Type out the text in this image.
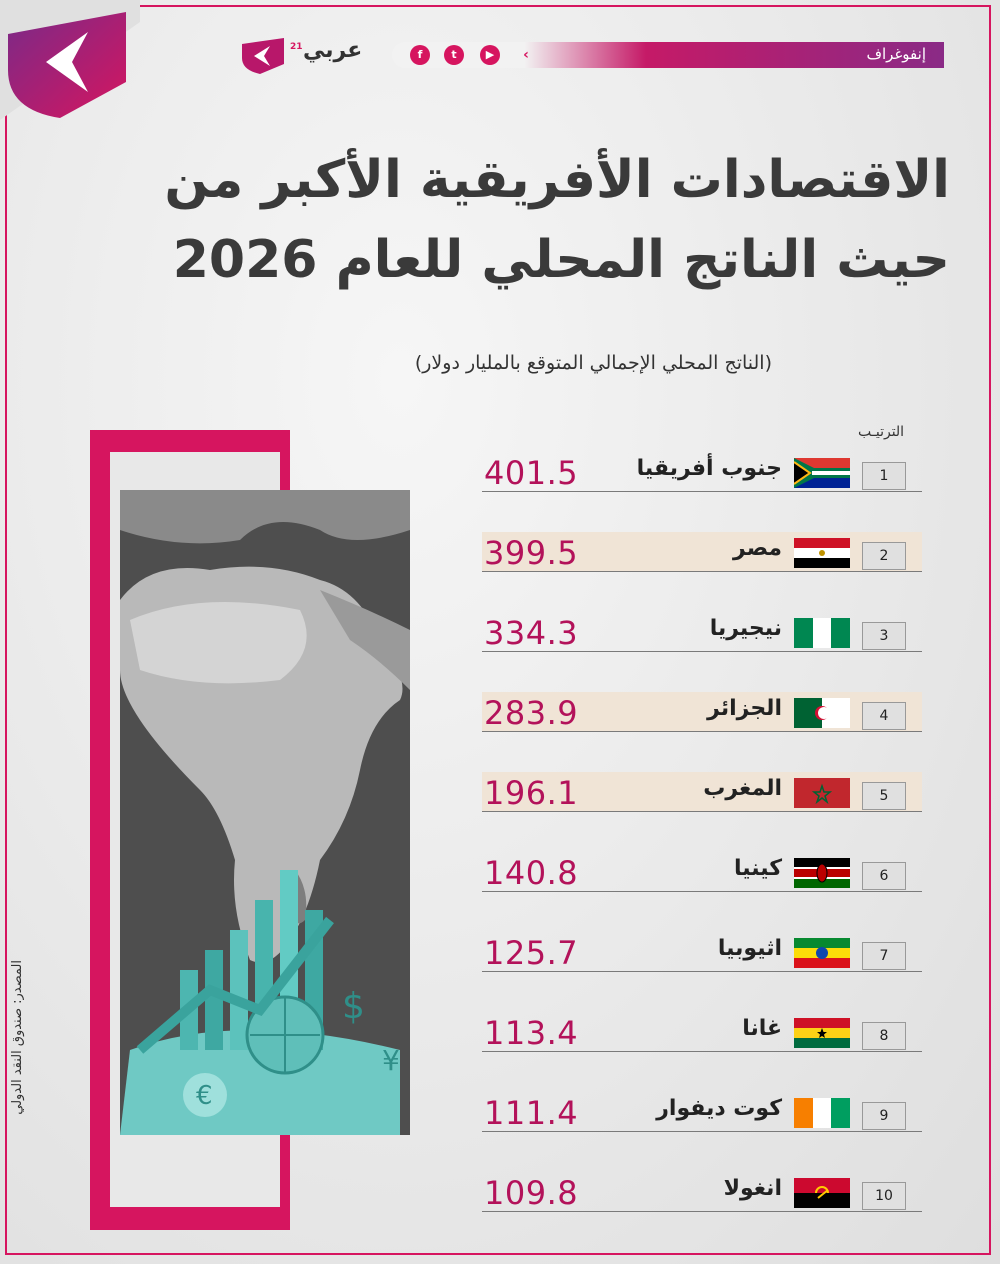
إنفوغراف
f	t	▶	‹
21 عربي
الاقتصادات الأفريقية الأكبر من حيث الناتج المحلي للعام 2026
(الناتج المحلي الإجمالي المتوقع بالمليار دولار)
€
$
¥
المصدر: صندوق النقد الدولي
الترتيـب
401.5	جنوب أفريقيا	1
399.5	مصر	2
334.3	نيجيريا	3
283.9	الجزائر	4
196.1	المغرب	5
140.8	كينيا	6
125.7	اثيوبيا	7
113.4	غانا	8
111.4	كوت ديفوار	9
109.8	انغولا	10
